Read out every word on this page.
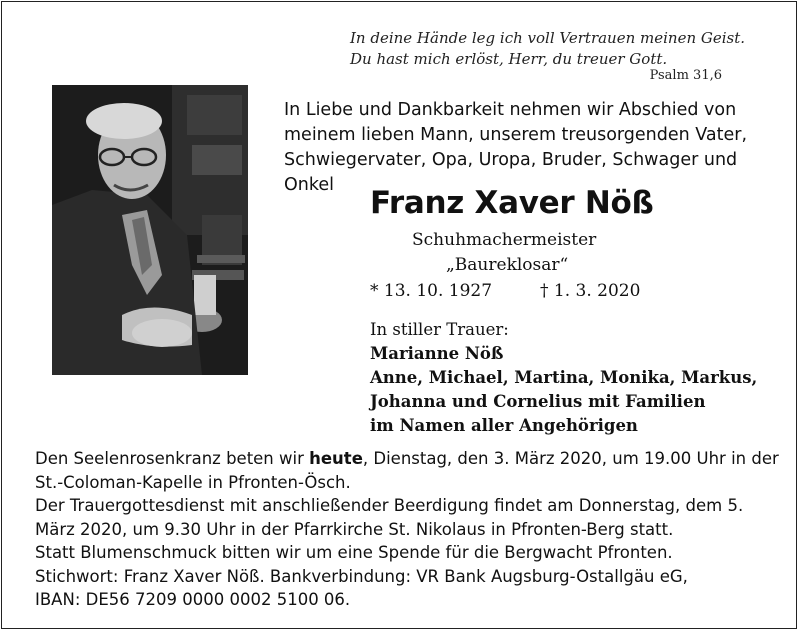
In deine Hände leg ich voll Vertrauen meinen Geist.
Du hast mich erlöst, Herr, du treuer Gott.
Psalm 31,6
In Liebe und Dankbarkeit nehmen wir Abschied von meinem lieben Mann, unserem treusorgenden Vater, Schwiegervater, Opa, Uropa, Bruder, Schwager und Onkel	Franz Xaver Nöß
Schuhmachermeister
„Baureklosar“
* 13. 10. 1927	† 1. 3. 2020
In stiller Trauer:
Marianne Nöß
Anne, Michael, Martina, Monika, Markus,
Johanna und Cornelius mit Familien
im Namen aller Angehörigen

Den Seelenrosenkranz beten wir heute, Dienstag, den 3. März 2020, um 19.00 Uhr in der St.-Coloman-Kapelle in Pfronten-Ösch.

Der Trauergottesdienst mit anschließender Beerdigung findet am Donnerstag, dem 5. März 2020, um 9.30 Uhr in der Pfarrkirche St. Nikolaus in Pfronten-Berg statt.

Statt Blumenschmuck bitten wir um eine Spende für die Bergwacht Pfronten.

Stichwort: Franz Xaver Nöß. Bankverbindung: VR Bank Augsburg-Ostallgäu eG,

IBAN: DE56 7209 0000 0002 5100 06.
